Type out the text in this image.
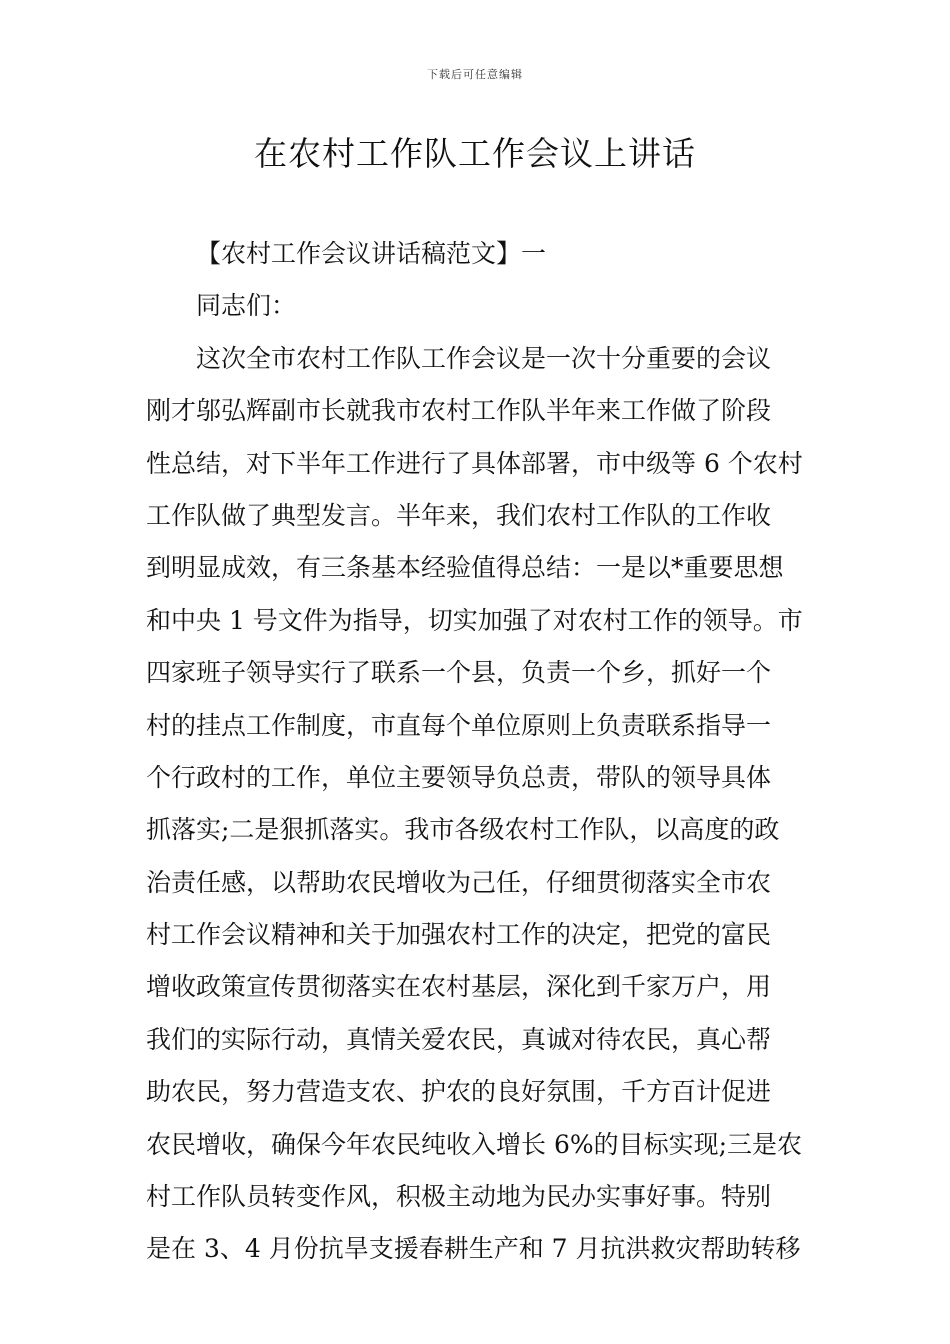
下载后可任意编辑
在农村工作队工作会议上讲话
【农村工作会议讲话稿范文】一
同志们：
这次全市农村工作队工作会议是一次十分重要的会议
刚才邬弘辉副市长就我市农村工作队半年来工作做了阶段
性总结，对下半年工作进行了具体部署，市中级等 6 个农村
工作队做了典型发言。半年来，我们农村工作队的工作收
到明显成效，有三条基本经验值得总结：一是以*重要思想
和中央 1 号文件为指导，切实加强了对农村工作的领导。市
四家班子领导实行了联系一个县，负责一个乡，抓好一个
村的挂点工作制度，市直每个单位原则上负责联系指导一
个行政村的工作，单位主要领导负总责，带队的领导具体
抓落实;二是狠抓落实。我市各级农村工作队，以高度的政
治责任感，以帮助农民增收为己任，仔细贯彻落实全市农
村工作会议精神和关于加强农村工作的决定，把党的富民
增收政策宣传贯彻落实在农村基层，深化到千家万户，用
我们的实际行动，真情关爱农民，真诚对待农民，真心帮
助农民，努力营造支农、护农的良好氛围，千方百计促进
农民增收，确保今年农民纯收入增长 6%的目标实现;三是农
村工作队员转变作风，积极主动地为民办实事好事。特别
是在 3、4 月份抗旱支援春耕生产和 7 月抗洪救灾帮助转移
